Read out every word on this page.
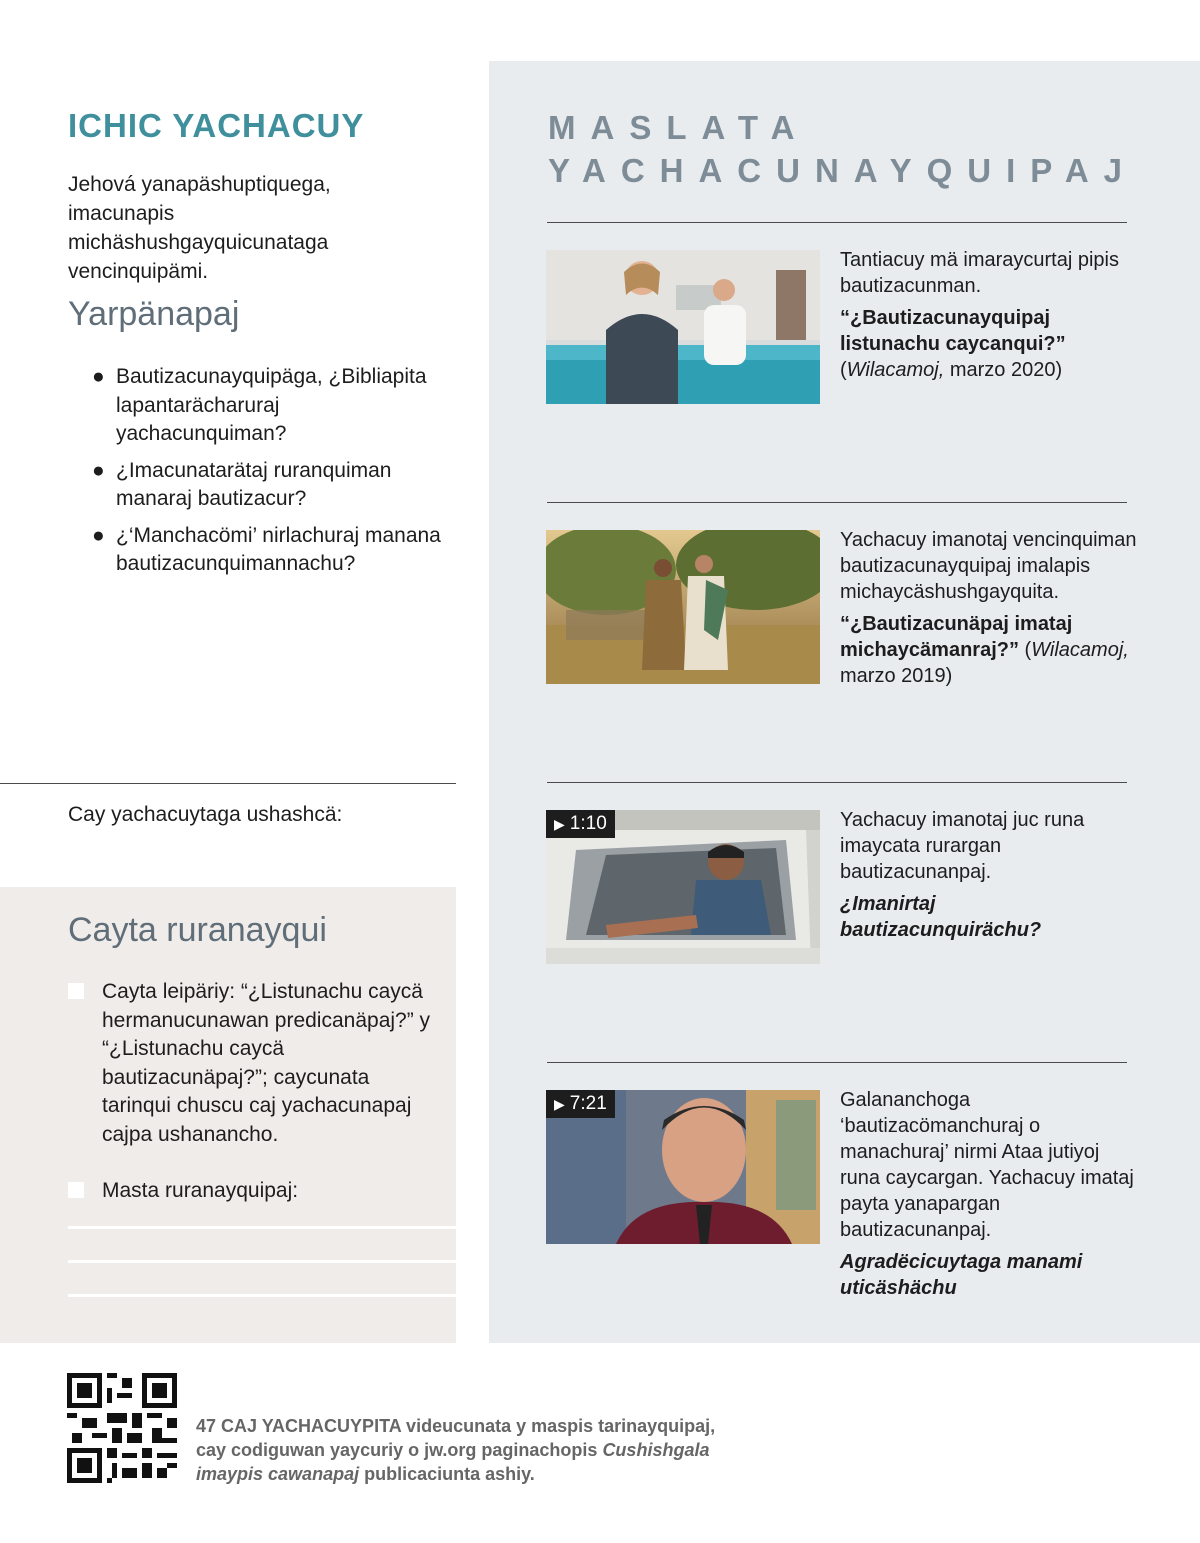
MASLATA
YACHACUNAYQUIPAJ
Tantiacuy mä imaraycurtaj pipis bautizacunman.
“¿Bautizacunayquipaj listunachu caycanqui?” (Wilacamoj, marzo 2020)
Yachacuy imanotaj vencinquiman bautizacunayquipaj imalapis michaycäshushgayquita.
“¿Bautizacunäpaj imataj michaycämanraj?” (Wilacamoj, marzo 2019)
▶ 1:10	Yachacuy imanotaj juc runa imaycata rurargan bautizacunanpaj.
¿Imanirtaj bautizacunquirächu?
▶ 7:21	Galananchoga ‘bautizacömanchuraj o manachuraj’ nirmi Ataa jutiyoj runa caycargan. Yachacuy imataj payta yanapargan bautizacunanpaj.
Agradëcicuytaga manami uticäshächu
ICHIC YACHACUY
Jehová yanapäshuptiquega, imacunapis michäshushgayquicunataga vencinquipämi.
Yarpänapaj
● Bautizacunayquipäga, ¿Bibliapita lapantarächaruraj yachacunquiman?
● ¿Imacunatarätaj ruranquiman manaraj bautizacur?
● ¿‘Manchacömi’ nirlachuraj manana bautizacunquimannachu?
Cay yachacuytaga ushashcä:
Cayta ruranayqui
Cayta leipäriy: “¿Listunachu caycä hermanucunawan predicanäpaj?” y “¿Listunachu caycä bautizacunäpaj?”; caycunata tarinqui chuscu caj yachacunapaj cajpa ushanancho.
Masta ruranayquipaj:
47 CAJ YACHACUYPITA videucunata y maspis tarinayquipaj, cay codiguwan yaycuriy o jw.org paginachopis Cushishgala imaypis cawanapaj publicaciunta ashiy.
